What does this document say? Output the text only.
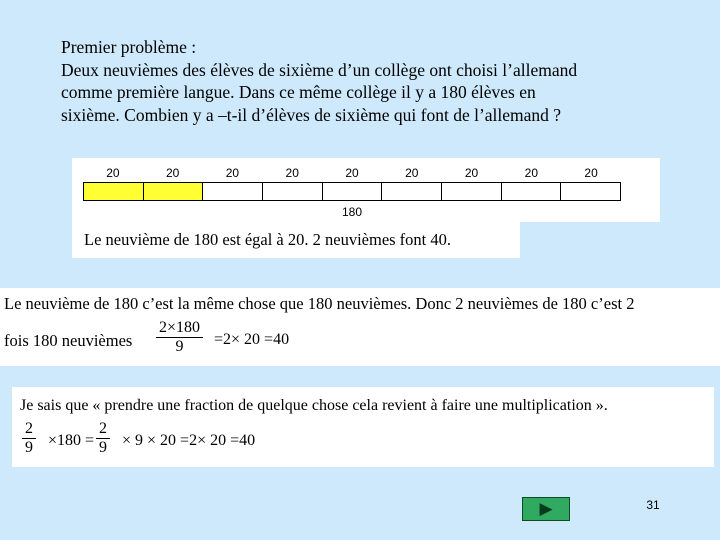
Premier problème :
Deux neuvièmes des élèves de sixième d’un collège ont choisi l’allemand
comme première langue. Dans ce même collège il y a 180 élèves en
sixième. Combien y a –t-il d’élèves de sixième qui font de l’allemand ?
20	20	20	20	20	20	20	20	20
180
Le neuvième de 180 est égal à 20. 2 neuvièmes font 40.
Le neuvième de 180 c’est la même chose que 180 neuvièmes. Donc 2 neuvièmes de 180 c’est 2
fois 180 neuvièmes
2×180
9	=2× 20 =40
Je sais que « prendre une fraction de quelque chose cela revient à faire une multiplication ».
2
9 ×180 =
2
9 × 9 × 20 =2× 20 =40
▶	31
